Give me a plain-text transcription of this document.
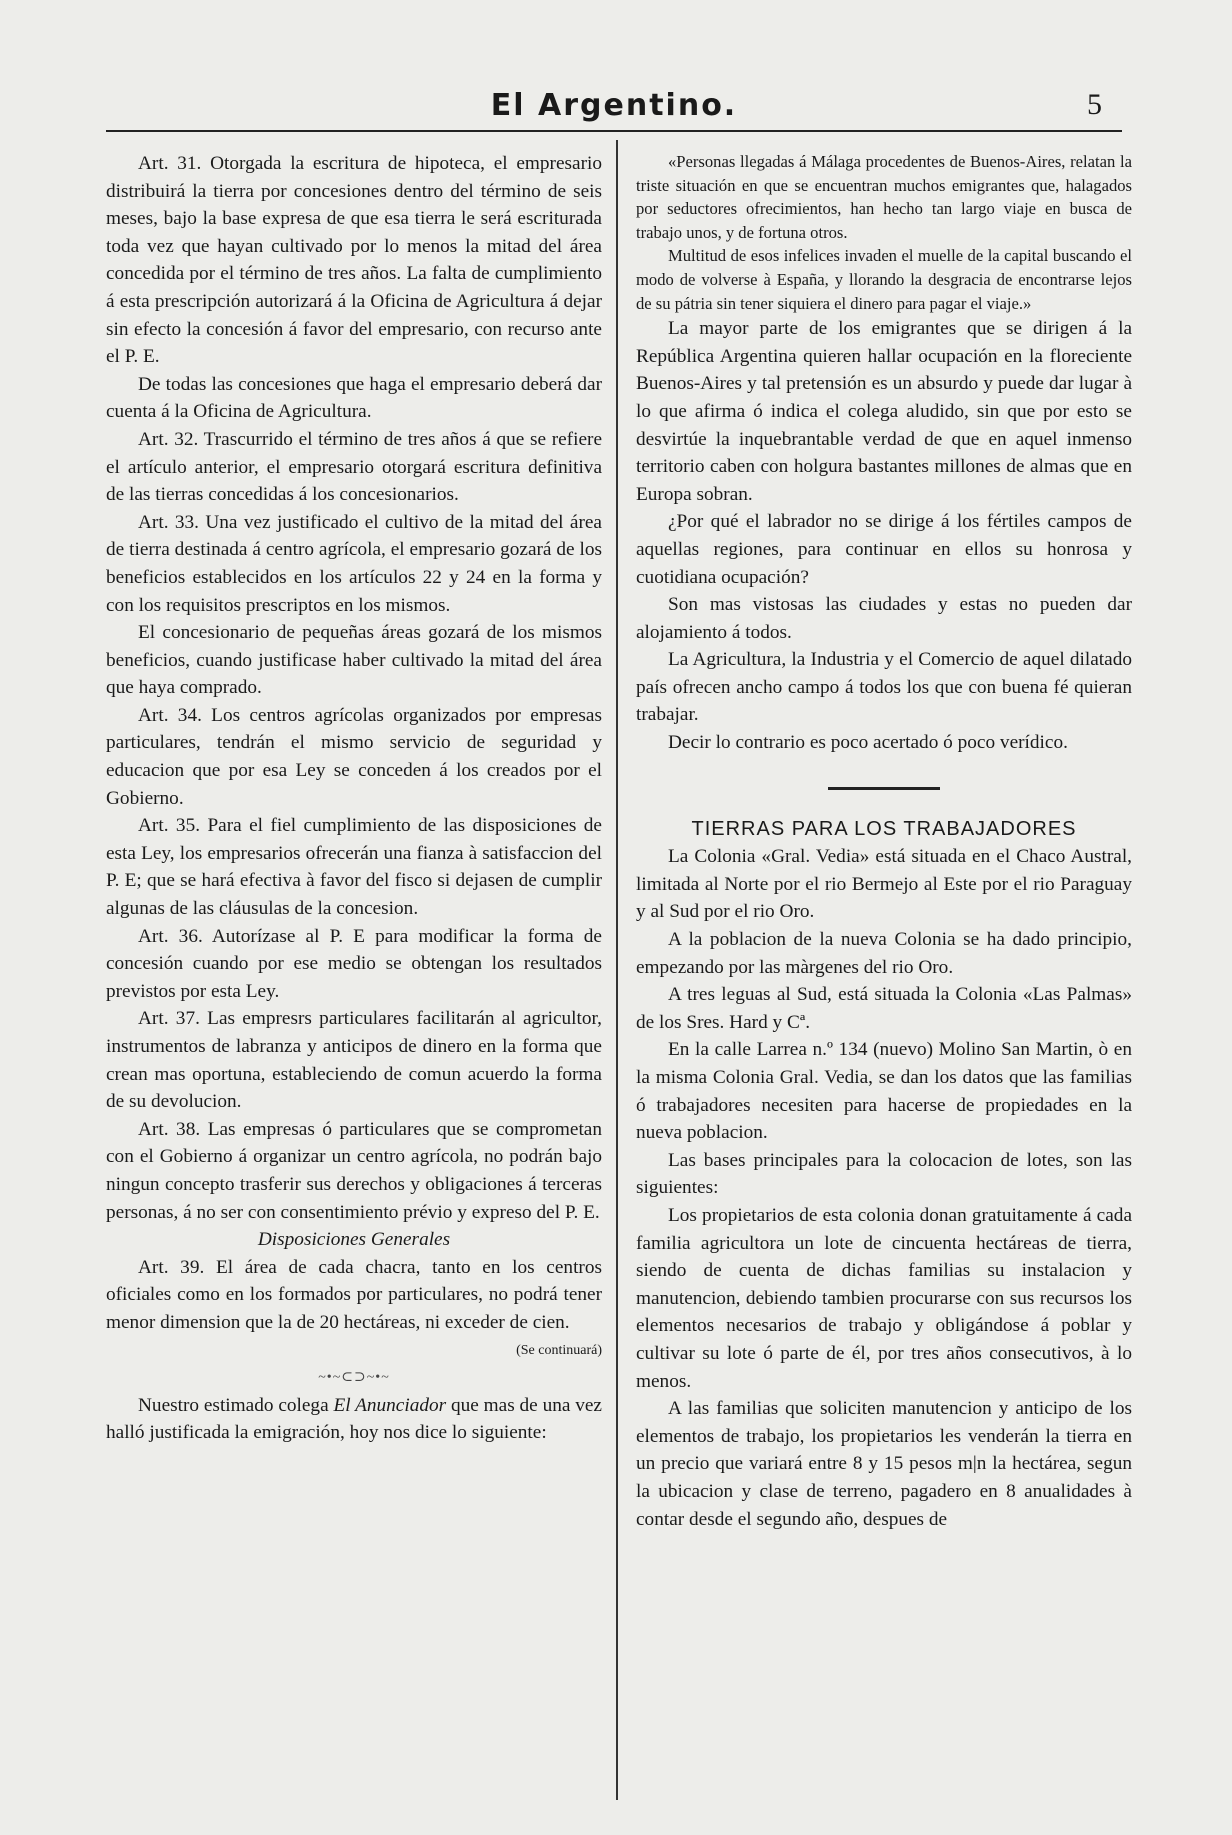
El Argentino.	5

Art. 31. Otorgada la escritura de hipoteca, el empresario distribuirá la tierra por concesiones dentro del término de seis meses, bajo la base expresa de que esa tierra le será escriturada toda vez que hayan cultivado por lo menos la mitad del área concedida por el término de tres años. La falta de cumplimiento á esta prescripción autorizará á la Oficina de Agricultura á dejar sin efecto la concesión á favor del empresario, con recurso ante el P. E.

De todas las concesiones que haga el empresario deberá dar cuenta á la Oficina de Agricultura.

Art. 32. Trascurrido el término de tres años á que se refiere el artículo anterior, el empresario otorgará escritura definitiva de las tierras concedidas á los concesionarios.

Art. 33. Una vez justificado el cultivo de la mitad del área de tierra destinada á centro agrícola, el empresario gozará de los beneficios establecidos en los artículos 22 y 24 en la forma y con los requisitos prescriptos en los mismos.

El concesionario de pequeñas áreas gozará de los mismos beneficios, cuando justificase haber cultivado la mitad del área que haya comprado.

Art. 34. Los centros agrícolas organizados por empresas particulares, tendrán el mismo servicio de seguridad y educacion que por esa Ley se conceden á los creados por el Gobierno.

Art. 35. Para el fiel cumplimiento de las disposiciones de esta Ley, los empresarios ofrecerán una fianza à satisfaccion del P. E; que se hará efectiva à favor del fisco si dejasen de cumplir algunas de las cláusulas de la concesion.

Art. 36. Autorízase al P. E para modificar la forma de concesión cuando por ese medio se obtengan los resultados previstos por esta Ley.

Art. 37. Las empresrs particulares facilitarán al agricultor, instrumentos de labranza y anticipos de dinero en la forma que crean mas oportuna, estableciendo de comun acuerdo la forma de su devolucion.

Art. 38. Las empresas ó particulares que se comprometan con el Gobierno á organizar un centro agrícola, no podrán bajo ningun concepto trasferir sus derechos y obligaciones á terceras personas, á no ser con consentimiento prévio y expreso del P. E.

Disposiciones Generales

Art. 39. El área de cada chacra, tanto en los centros oficiales como en los formados por particulares, no podrá tener menor dimension que la de 20 hectáreas, ni exceder de cien.

(Se continuará)

~•~⊂⊃~•~

Nuestro estimado colega El Anunciador que mas de una vez halló justificada la emigración, hoy nos dice lo siguiente:

«Personas llegadas á Málaga procedentes de Buenos-Aires, relatan la triste situación en que se encuentran muchos emigrantes que, halagados por seductores ofrecimientos, han hecho tan largo viaje en busca de trabajo unos, y de fortuna otros.

Multitud de esos infelices invaden el muelle de la capital buscando el modo de volverse à España, y llorando la desgracia de encontrarse lejos de su pátria sin tener siquiera el dinero para pagar el viaje.»

La mayor parte de los emigrantes que se dirigen á la República Argentina quieren hallar ocupación en la floreciente Buenos-Aires y tal pretensión es un absurdo y puede dar lugar à lo que afirma ó indica el colega aludido, sin que por esto se desvirtúe la inquebrantable verdad de que en aquel inmenso territorio caben con holgura bastantes millones de almas que en Europa sobran.

¿Por qué el labrador no se dirige á los fértiles campos de aquellas regiones, para continuar en ellos su honrosa y cuotidiana ocupación?

Son mas vistosas las ciudades y estas no pueden dar alojamiento á todos.

La Agricultura, la Industria y el Comercio de aquel dilatado país ofrecen ancho campo á todos los que con buena fé quieran trabajar.

Decir lo contrario es poco acertado ó poco verídico.

TIERRAS PARA LOS TRABAJADORES

La Colonia «Gral. Vedia» está situada en el Chaco Austral, limitada al Norte por el rio Bermejo al Este por el rio Paraguay y al Sud por el rio Oro.

A la poblacion de la nueva Colonia se ha dado principio, empezando por las màrgenes del rio Oro.

A tres leguas al Sud, está situada la Colonia «Las Palmas» de los Sres. Hard y Cª.

En la calle Larrea n.º 134 (nuevo) Molino San Martin, ò en la misma Colonia Gral. Vedia, se dan los datos que las familias ó trabajadores necesiten para hacerse de propiedades en la nueva poblacion.

Las bases principales para la colocacion de lotes, son las siguientes:

Los propietarios de esta colonia donan gratuitamente á cada familia agricultora un lote de cincuenta hectáreas de tierra, siendo de cuenta de dichas familias su instalacion y manutencion, debiendo tambien procurarse con sus recursos los elementos necesarios de trabajo y obligándose á poblar y cultivar su lote ó parte de él, por tres años consecutivos, à lo menos.

A las familias que soliciten manutencion y anticipo de los elementos de trabajo, los propietarios les venderán la tierra en un precio que variará entre 8 y 15 pesos m|n la hectárea, segun la ubicacion y clase de terreno, pagadero en 8 anualidades à contar desde el segundo año, despues de
